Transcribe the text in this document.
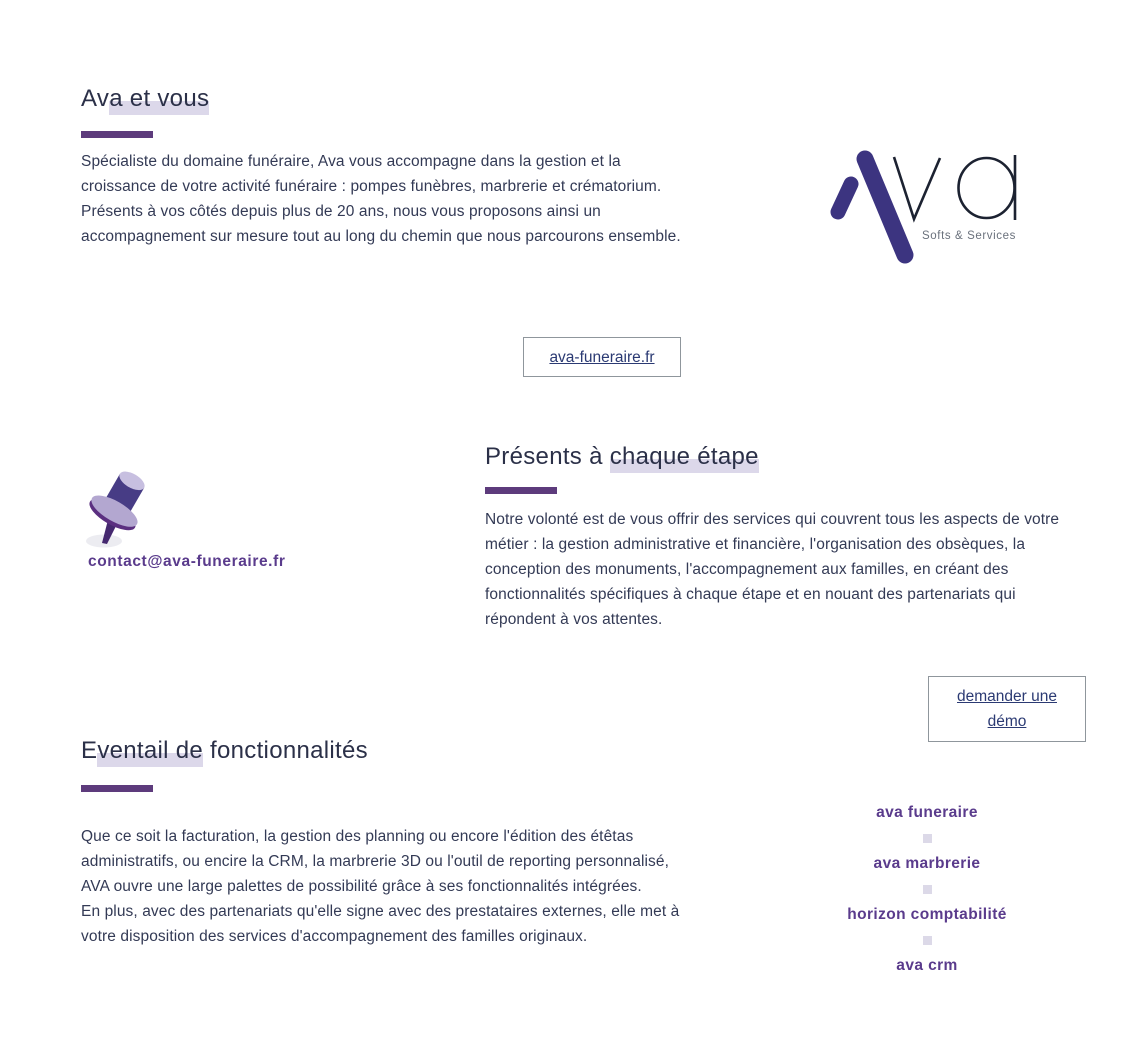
Ava et vous

Spécialiste du domaine funéraire, Ava vous accompagne dans la gestion et la croissance de votre activité funéraire : pompes funèbres, marbrerie et crématorium.

Présents à vos côtés depuis plus de 20 ans, nous vous proposons ainsi un accompagnement sur mesure tout au long du chemin que nous parcourons ensemble.	Softs & Services
ava-funeraire.fr
contact@ava-funeraire.fr
Présents à chaque étape

Notre volonté est de vous offrir des services qui couvrent tous les aspects de votre métier : la gestion administrative et financière, l'organisation des obsèques, la conception des monuments, l'accompagnement aux familles, en créant des fonctionnalités spécifiques à chaque étape et en nouant des partenariats qui répondent à vos attentes.

demander une démo
Eventail de fonctionnalités

Que ce soit la facturation, la gestion des planning ou encore l'édition des étêtas administratifs, ou encire la CRM, la marbrerie 3D ou l'outil de reporting personnalisé, AVA ouvre une large palettes de possibilité grâce à ses fonctionnalités intégrées.

En plus, avec des partenariats qu'elle signe avec des prestataires externes, elle met à votre disposition des services d'accompagnement des familles originaux.

ava funeraire
ava marbrerie
horizon comptabilité
ava crm
